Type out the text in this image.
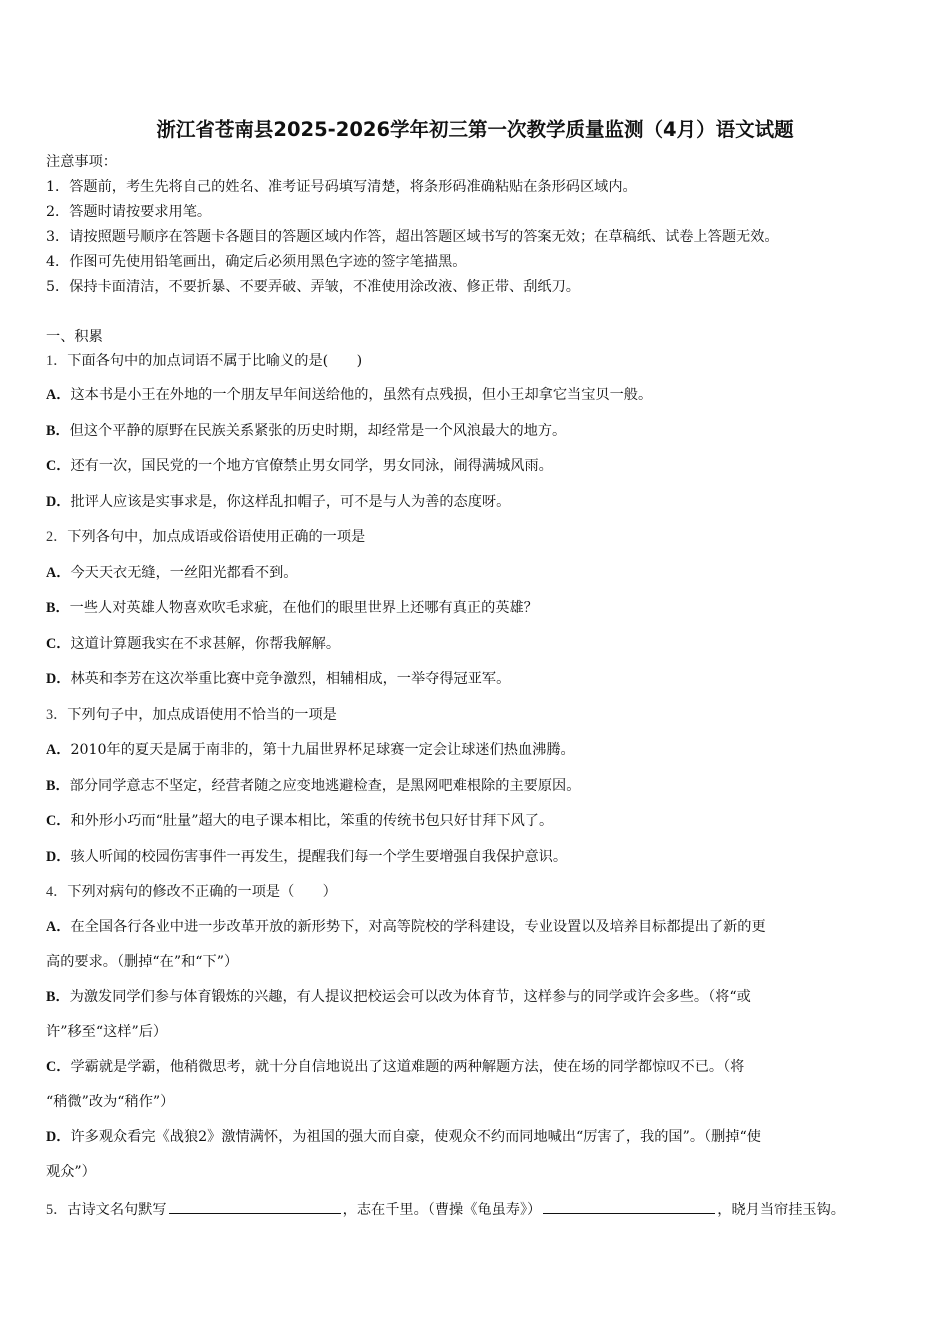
浙江省苍南县2025-2026学年初三第一次教学质量监测（4月）语文试题
注意事项：
1．答题前，考生先将自己的姓名、准考证号码填写清楚，将条形码准确粘贴在条形码区域内。
2．答题时请按要求用笔。
3．请按照题号顺序在答题卡各题目的答题区域内作答，超出答题区域书写的答案无效；在草稿纸、试卷上答题无效。
4．作图可先使用铅笔画出，确定后必须用黑色字迹的签字笔描黑。
5．保持卡面清洁，不要折暴、不要弄破、弄皱，不准使用涂改液、修正带、刮纸刀。
一、积累
1．下面各句中的加点词语不属于比喻义的是(　　)
A．这本书是小王在外地的一个朋友早年间送给他的，虽然有点残损，但小王却拿它当宝贝一般。
B．但这个平静的原野在民族关系紧张的历史时期，却经常是一个风浪最大的地方。
C．还有一次，国民党的一个地方官僚禁止男女同学，男女同泳，闹得满城风雨。
D．批评人应该是实事求是，你这样乱扣帽子，可不是与人为善的态度呀。
2．下列各句中，加点成语或俗语使用正确的一项是
A．今天天衣无缝，一丝阳光都看不到。
B．一些人对英雄人物喜欢吹毛求疵，在他们的眼里世界上还哪有真正的英雄？
C．这道计算题我实在不求甚解，你帮我解解。
D．林英和李芳在这次举重比赛中竞争激烈，相辅相成，一举夺得冠亚军。
3．下列句子中，加点成语使用不恰当的一项是
A．2010年的夏天是属于南非的，第十九届世界杯足球赛一定会让球迷们热血沸腾。
B．部分同学意志不坚定，经营者随之应变地逃避检查，是黑网吧难根除的主要原因。
C．和外形小巧而“肚量”超大的电子课本相比，笨重的传统书包只好甘拜下风了。
D．骇人听闻的校园伤害事件一再发生，提醒我们每一个学生要增强自我保护意识。
4．下列对病句的修改不正确的一项是（　　）
A．在全国各行各业中进一步改革开放的新形势下，对高等院校的学科建设，专业设置以及培养目标都提出了新的更
高的要求。（删掉“在”和“下”）
B．为激发同学们参与体育锻炼的兴趣，有人提议把校运会可以改为体育节，这样参与的同学或许会多些。（将“或
许”移至“这样”后）
C．学霸就是学霸，他稍微思考，就十分自信地说出了这道难题的两种解题方法，使在场的同学都惊叹不已。（将
“稍微”改为“稍作”）
D．许多观众看完《战狼2》激情满怀，为祖国的强大而自豪，使观众不约而同地喊出“厉害了，我的国”。（删掉“使
观众”）
5．古诗文名句默写	，志在千里。（曹操《龟虽寿》）	，晓月当帘挂玉钩。
